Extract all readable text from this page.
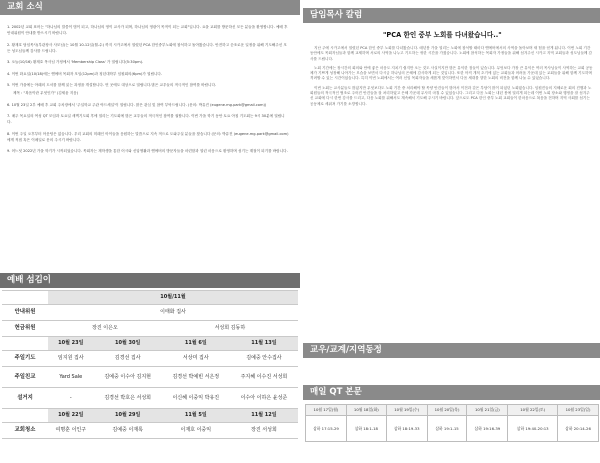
교회 소식
1. 2002년 교회 표어는 "하나님의 말씀이 범이 되고, 하나님의 영이 교사가 되며, 하나님의 영광이 목적이 되는 교회"입니다. 요을 교회를 방문하신 모든 분들을 환영합니다. 예배 후 안내위원이 안내를 받으시기 바랍니다.
2. 황재호 담임목사(부관장사 사모님)는 10월 10-12일(월-수) 까지 시카고에서 열렸던 PCA 한인중부노회에 참석하고 돌아왔습니다. 안전하고 순조로운 일정을 위해 기도해주신 모든 성도님들께 감사를 드립니다.
3. 오늘(10/16) 황재호 목사님 가정에서 'Membership Class' 가 열립니다(5:30pm).
4. 이번 화요일(10/18)에는 엔에버 목회자 모임(12pm)과 청년대학부 임원회의(6pm)가 열립니다.
5. 이번 가을에는 아래의 도서를 함께 읽는 과정을 개설합니다. 먼 곳에도 대상으로 열립니다.많은 교우들의 적극적인 참여를 바랍니다.
제목 : "복음이란 무엇인가" (김세윤 지음)
6. 10월 23일 2부 예배 후 교회 주차장에서 '주일학교 주관 야드세일'이 열립니다. 많은 관심 및 참여 부탁드립니다. (문의: 박유진 (eugene.mg.park@gmail.com))
7. 매주 목요일의 여성 QT 모임과 토요일 새벽기도회 후에 열리는 기도회에 많은 교우들의 적극적인 참여를 권합니다. 이번 가을 학기 동안 토요 아침 기도회는 9시 30분에 열립니다.
8. 이번 주일 오후부터 아웃팅은 없습니다. 우리 교회의 미래인 아이들을 응원하는 말씀으로 지속 적으로 도와주실 분들을 찾습니다 (문의: 박유진 (eugene.mg.park@gmail.com)에게 직접 혹은 이메일로 문의 주시기 바랍니다.
9. 어느덧 2022년 가을 학기가 시작되었습니다. 목회자는 재학생을 통한 어시와 신앙생활과 엔에버의 방문자들을 마련함과 열린 마음으로 환영하며 섬기는 계절이 되기를 바랍니다.
예배 섬김이
	10월/11월			
안내위원	이태화 집사			
헌금위원	장진 이은오		서성희 김동하	
	10월 23일	10월 30일	11월 6일	11월 13일
주일기도	임지원 집사	김경선 집사	서상미 집사	김예중 안수집사
주일친교	Yard Sale	김예중 이수아 김지현	김경선 박예빈 서은정	주지혜 이수진 서성희
설거지	-	김경선 박호은 서성희	이신혜 이중익 박유진	이수아 이하은 윤성준
	10월 22일	10월 29일	11월 5일	11월 12일
교회청소	여명훈 이인구	김예중 이재록	이재호 이중익	장진 서성희
담임목사 칼럼
"PCA 한인 중부 노회를 다녀왔습니다.."

지난 주에 시카고에서 열렸던 PCA 한인 중부 노회를 다녀왔습니다. 매년봄 가을 열리는 노회에 참석할 때마다 엔에버에서의 사역을 돌아보며 새 힘을 얻게 됩니다. 이번 노회 기간 동안에도 목회자님들과 함께 교제하며 서로의 사역을 나누고 기도하는 귀한 시간을 가졌습니다. 노회에 참석하는 목회자 가정들을 위해 섬겨주신 시카고 지역 교회들과 성도님들께 감사를 드립니다.

노회 기간에는 장시간의 회의와 안에 좋은 마음도 지치기 쉽지만 오는 것도 사실이지만 많은 유익한 점들이 있습니다. 무엇보다 가장 큰 유익은 여러 목사님들이 사역하는 교회 공동체가 기쁘게 성장해 나아가는 모습을 보면서 다시금 하나님의 은혜에 감사하게 되는 것입니다. 또한 아직 개척 초기에 있는 교회들과 어려움 가운데 있는 교회들을 위해 함께 기도하며 격려할 수 있는 시간이었습니다. 특히 이번 노회에서는 여러 신임 목회자들을 새롭게 맞이하면서 다음 세대를 향한 노회의 비전을 함께 나눌 수 있었습니다.

이번 노회는 교사분들도 많았지만 무엇보다도 노회 기간 중 처리해야 할 목양 안건들이 많아서 이전과 같은 부담이 많이 되었던 노회였습니다. 임원진들의 지혜로운 회의 진행과 노회원들의 적극적인 협조로 주어진 안건들을 잘 처리하였고 은혜 가운데 무사히 마칠 수 있었습니다. 그리고 다음 노회는 내년 봄에 열리게 되는데 이번 노회 장소와 행정을 잘 섬겨주신 교회에 다시 한번 감사를 드리고, 다음 노회를 위해서도 계속해서 기도해 주시기 바랍니다. 앞으로도 PCA 한인 중부 노회 교회들이 한마음으로 복음을 전하며 지역 사회를 섬기는 공동체로 세워져 가기를 소망합니다.

교우/교계/지역동정
매일 QT 본문
10월 17일(월)	10월 18일(화)	10월 19일(수)	10월 20일(목)	10월 21일(금)	10월 22일(토)	10월 23일(일)
삼하 17:15-29	삼하 18:1-18	삼하 18:19-33	삼하 19:1-15	삼하 19:16-39	삼하 19:40-20:13	삼하 20:14-26
